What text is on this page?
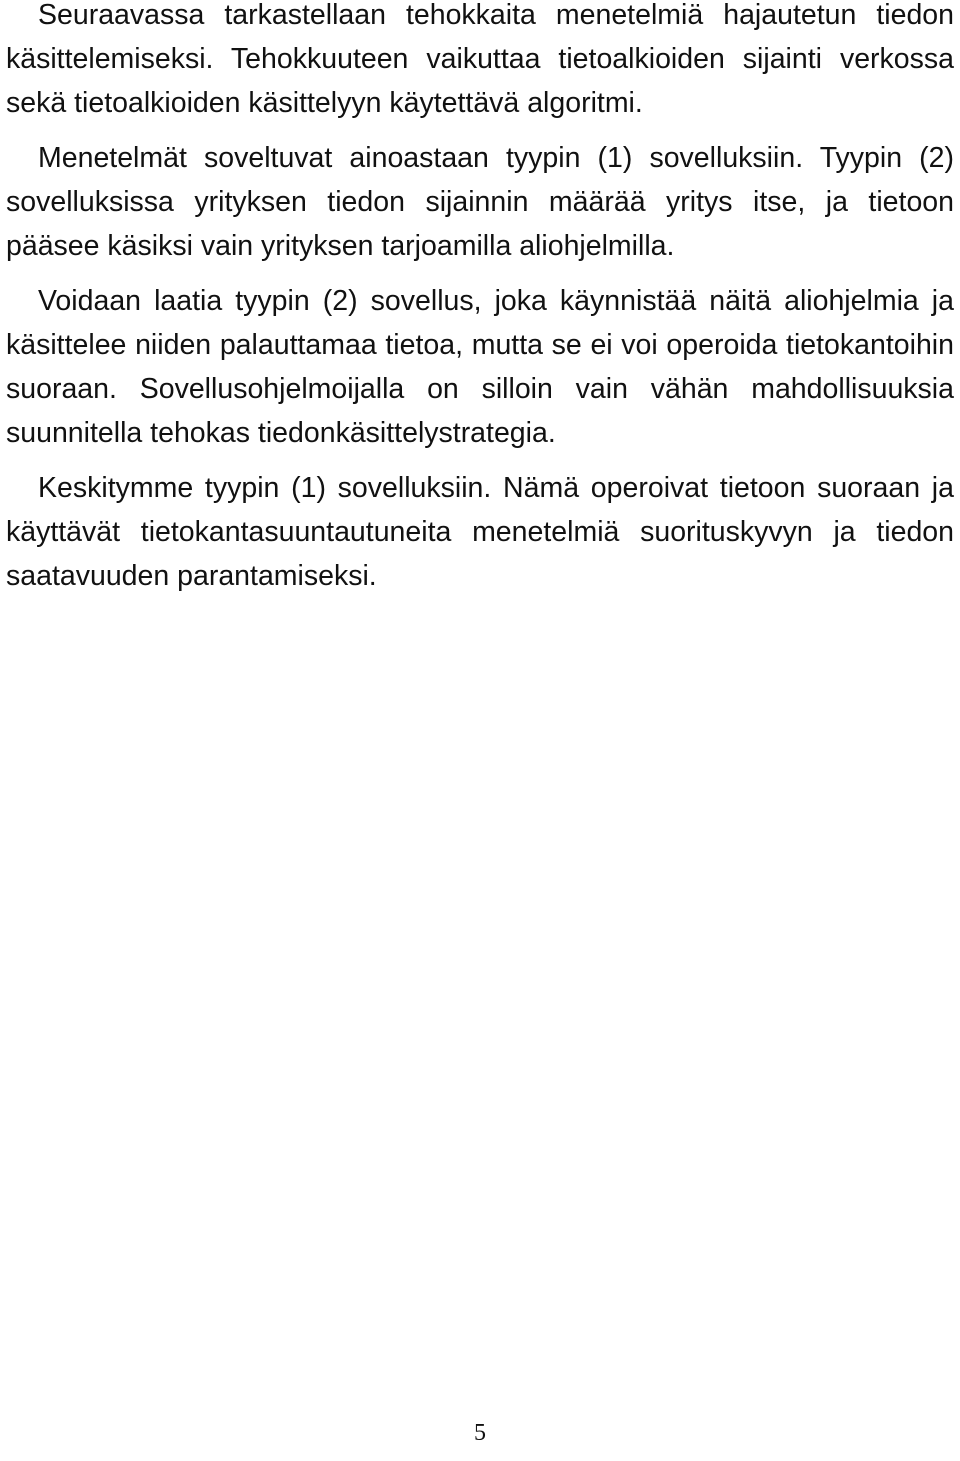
Seuraavassa tarkastellaan tehokkaita menetelmiä hajautetun tiedon käsittelemiseksi. Tehokkuuteen vaikuttaa tietoalkioiden sijainti verkossa sekä tietoalkioiden käsittelyyn käytettävä algoritmi.

Menetelmät soveltuvat ainoastaan tyypin (1) sovelluksiin. Tyypin (2) sovelluksissa yrityksen tiedon sijainnin määrää yritys itse, ja tietoon pääsee käsiksi vain yrityksen tarjoamilla aliohjelmilla.

Voidaan laatia tyypin (2) sovellus, joka käynnistää näitä aliohjelmia ja käsittelee niiden palauttamaa tietoa, mutta se ei voi operoida tietokantoihin suoraan. Sovellusohjelmoijalla on silloin vain vähän mahdollisuuksia suunnitella tehokas tiedonkäsittelystrategia.

Keskitymme tyypin (1) sovelluksiin. Nämä operoivat tietoon suoraan ja käyttävät tietokantasuuntautuneita menetelmiä suorituskyvyn ja tiedon saatavuuden parantamiseksi.

5
